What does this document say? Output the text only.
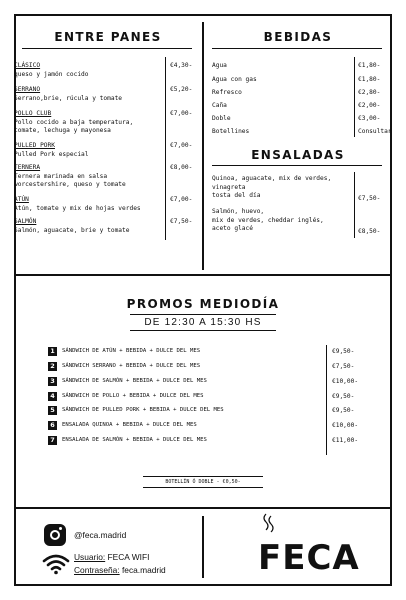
ENTRE PANES
CLÁSICO
queso y jamón cocido
€4,30-
SERRANO
Serrano,brie, rúcula y tomate
€5,20-
POLLO CLUB
Pollo cocido a baja temperatura,
tomate, lechuga y mayonesa
€7,00-
PULLED PORK
Pulled Pork especial
€7,00-
TERNERA
Ternera marinada en salsa
worcestershire, queso y tomate
€8,00-
ATÚN
Atún, tomate y mix de hojas verdes
€7,00-
SALMÓN
Salmón, aguacate, brie y tomate
€7,50-
BEBIDAS
Agua	€1,80-
Agua con gas	€1,80-
Refresco	€2,80-
Caña	€2,00-
Doble	€3,00-
Botellines	Consultar
ENSALADAS
Quinoa, aguacate, mix de verdes,
vinagreta
tosta del día	€7,50-
Salmón, huevo,
mix de verdes, cheddar inglés,
aceto glacé	€8,50-
PROMOS MEDIODÍA
DE 12:30 A 15:30 HS
1	SÁNDWICH DE ATÚN + BEBIDA + DULCE DEL MES	€9,50-
2	SÁNDWICH SERRANO + BEBIDA + DULCE DEL MES	€7,50-
3	SÁNDWICH DE SALMÓN + BEBIDA + DULCE DEL MES	€10,00-
4	SÁNDWICH DE POLLO + BEBIDA + DULCE DEL MES	€9,50-
5	SÁNDWICH DE PULLED PORK + BEBIDA + DULCE DEL MES	€9,50-
6	ENSALADA QUINOA + BEBIDA + DULCE DEL MES	€10,00-
7	ENSALADA DE SALMÓN + BEBIDA + DULCE DEL MES	€11,00-
BOTELLÍN Ó DOBLE - €0,50-
@feca.madrid
Usuario: FECA WIFI
Contraseña: feca.madrid	FECA
